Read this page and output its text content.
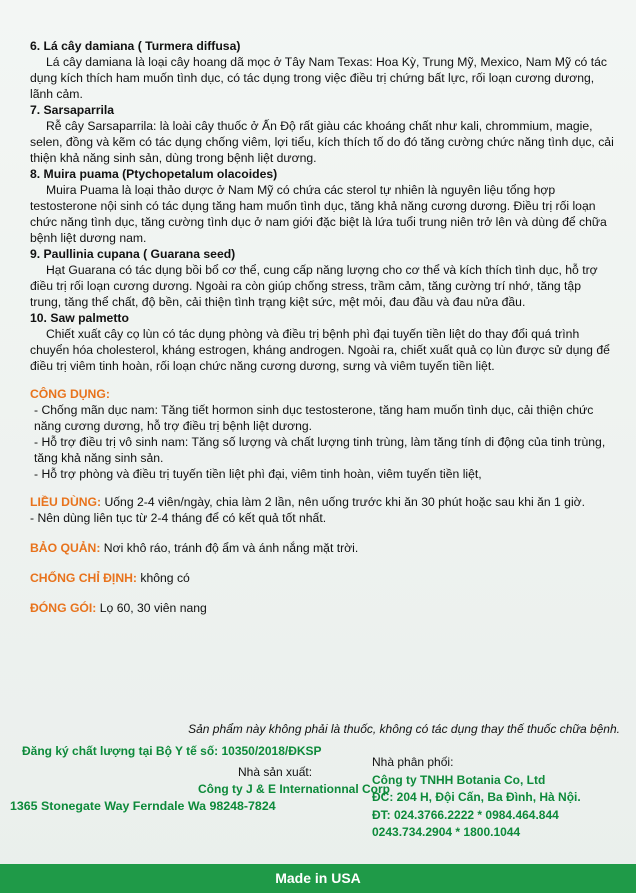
6. Lá cây damiana ( Turmera diffusa)

Lá cây damiana là loại cây hoang dã mọc ở Tây Nam Texas: Hoa Kỳ, Trung Mỹ, Mexico, Nam Mỹ có tác dụng kích thích ham muốn tình dục, có tác dụng trong việc điều trị chứng bất lực, rối loạn cương dương, lãnh cảm.

7. Sarsaparrila

Rễ cây Sarsaparrila: là loài cây thuốc ở Ấn Độ rất giàu các khoáng chất như kali, chrommium, magie, selen, đồng và kẽm có tác dụng chống viêm, lợi tiểu, kích thích tố do đó tăng cường chức năng tình dục, cải thiện khả năng sinh sản, dùng trong bệnh liệt dương.

8. Muira puama (Ptychopetalum olacoides)

Muira Puama là loại thảo dược ở Nam Mỹ có chứa các sterol tự nhiên là nguyên liệu tổng hợp testosterone nội sinh có tác dụng tăng ham muốn tình dục, tăng khả năng cương dương. Điều trị rối loạn chức năng tình dục, tăng cường tình dục ở nam giới đặc biệt là lứa tuổi trung niên trở lên và dùng để chữa bệnh liệt dương nam.

9. Paullinia cupana ( Guarana seed)

Hạt Guarana có tác dụng bồi bổ cơ thể, cung cấp năng lượng cho cơ thể và kích thích tình dục, hỗ trợ điều trị rối loạn cương dương. Ngoài ra còn giúp chống stress, trầm cảm, tăng cường trí nhớ, tăng tập trung, tăng thể chất, độ bền, cải thiện tình trạng kiệt sức, mệt mỏi, đau đầu và đau nửa đầu.

10. Saw palmetto

Chiết xuất cây cọ lùn có tác dụng phòng và điều trị bệnh phì đại tuyến tiền liệt do thay đổi quá trình chuyển hóa cholesterol, kháng estrogen, kháng androgen. Ngoài ra, chiết xuất quả cọ lùn được sử dụng để điều trị viêm tinh hoàn, rối loạn chức năng cương dương, sưng và viêm tuyến tiền liệt.

CÔNG DỤNG:

- Chống mãn dục nam: Tăng tiết hormon sinh dục testosterone, tăng ham muốn tình dục, cải thiện chức năng cương dương, hỗ trợ điều trị bệnh liệt dương.

- Hỗ trợ điều trị vô sinh nam: Tăng số lượng và chất lượng tinh trùng, làm tăng tính di động của tinh trùng, tăng khả năng sinh sản.

- Hỗ trợ phòng và điều trị tuyến tiền liệt phì đại, viêm tinh hoàn, viêm tuyến tiền liệt,

LIỀU DÙNG: Uống 2-4 viên/ngày, chia làm 2 lần, nên uống trước khi ăn 30 phút hoặc sau khi ăn 1 giờ.
- Nên dùng liên tục từ 2-4 tháng để có kết quả tốt nhất.
BẢO QUẢN: Nơi khô ráo, tránh độ ẩm và ánh nắng mặt trời.
CHỐNG CHỈ ĐỊNH: không có
ĐÓNG GÓI: Lọ 60, 30 viên nang
Sản phẩm này không phải là thuốc, không có tác dụng thay thế thuốc chữa bệnh.
Đăng ký chất lượng tại Bộ Y tế số: 10350/2018/ĐKSP
Nhà sản xuất:
Công ty J & E Internationnal Corp
1365 Stonegate Way Ferndale Wa 98248-7824
Nhà phân phối:
Công ty TNHH Botania Co, Ltd
ĐC: 204 H, Đội Cấn, Ba Đình, Hà Nội.
ĐT: 024.3766.2222 * 0984.464.844
0243.734.2904 * 1800.1044
Made in USA
